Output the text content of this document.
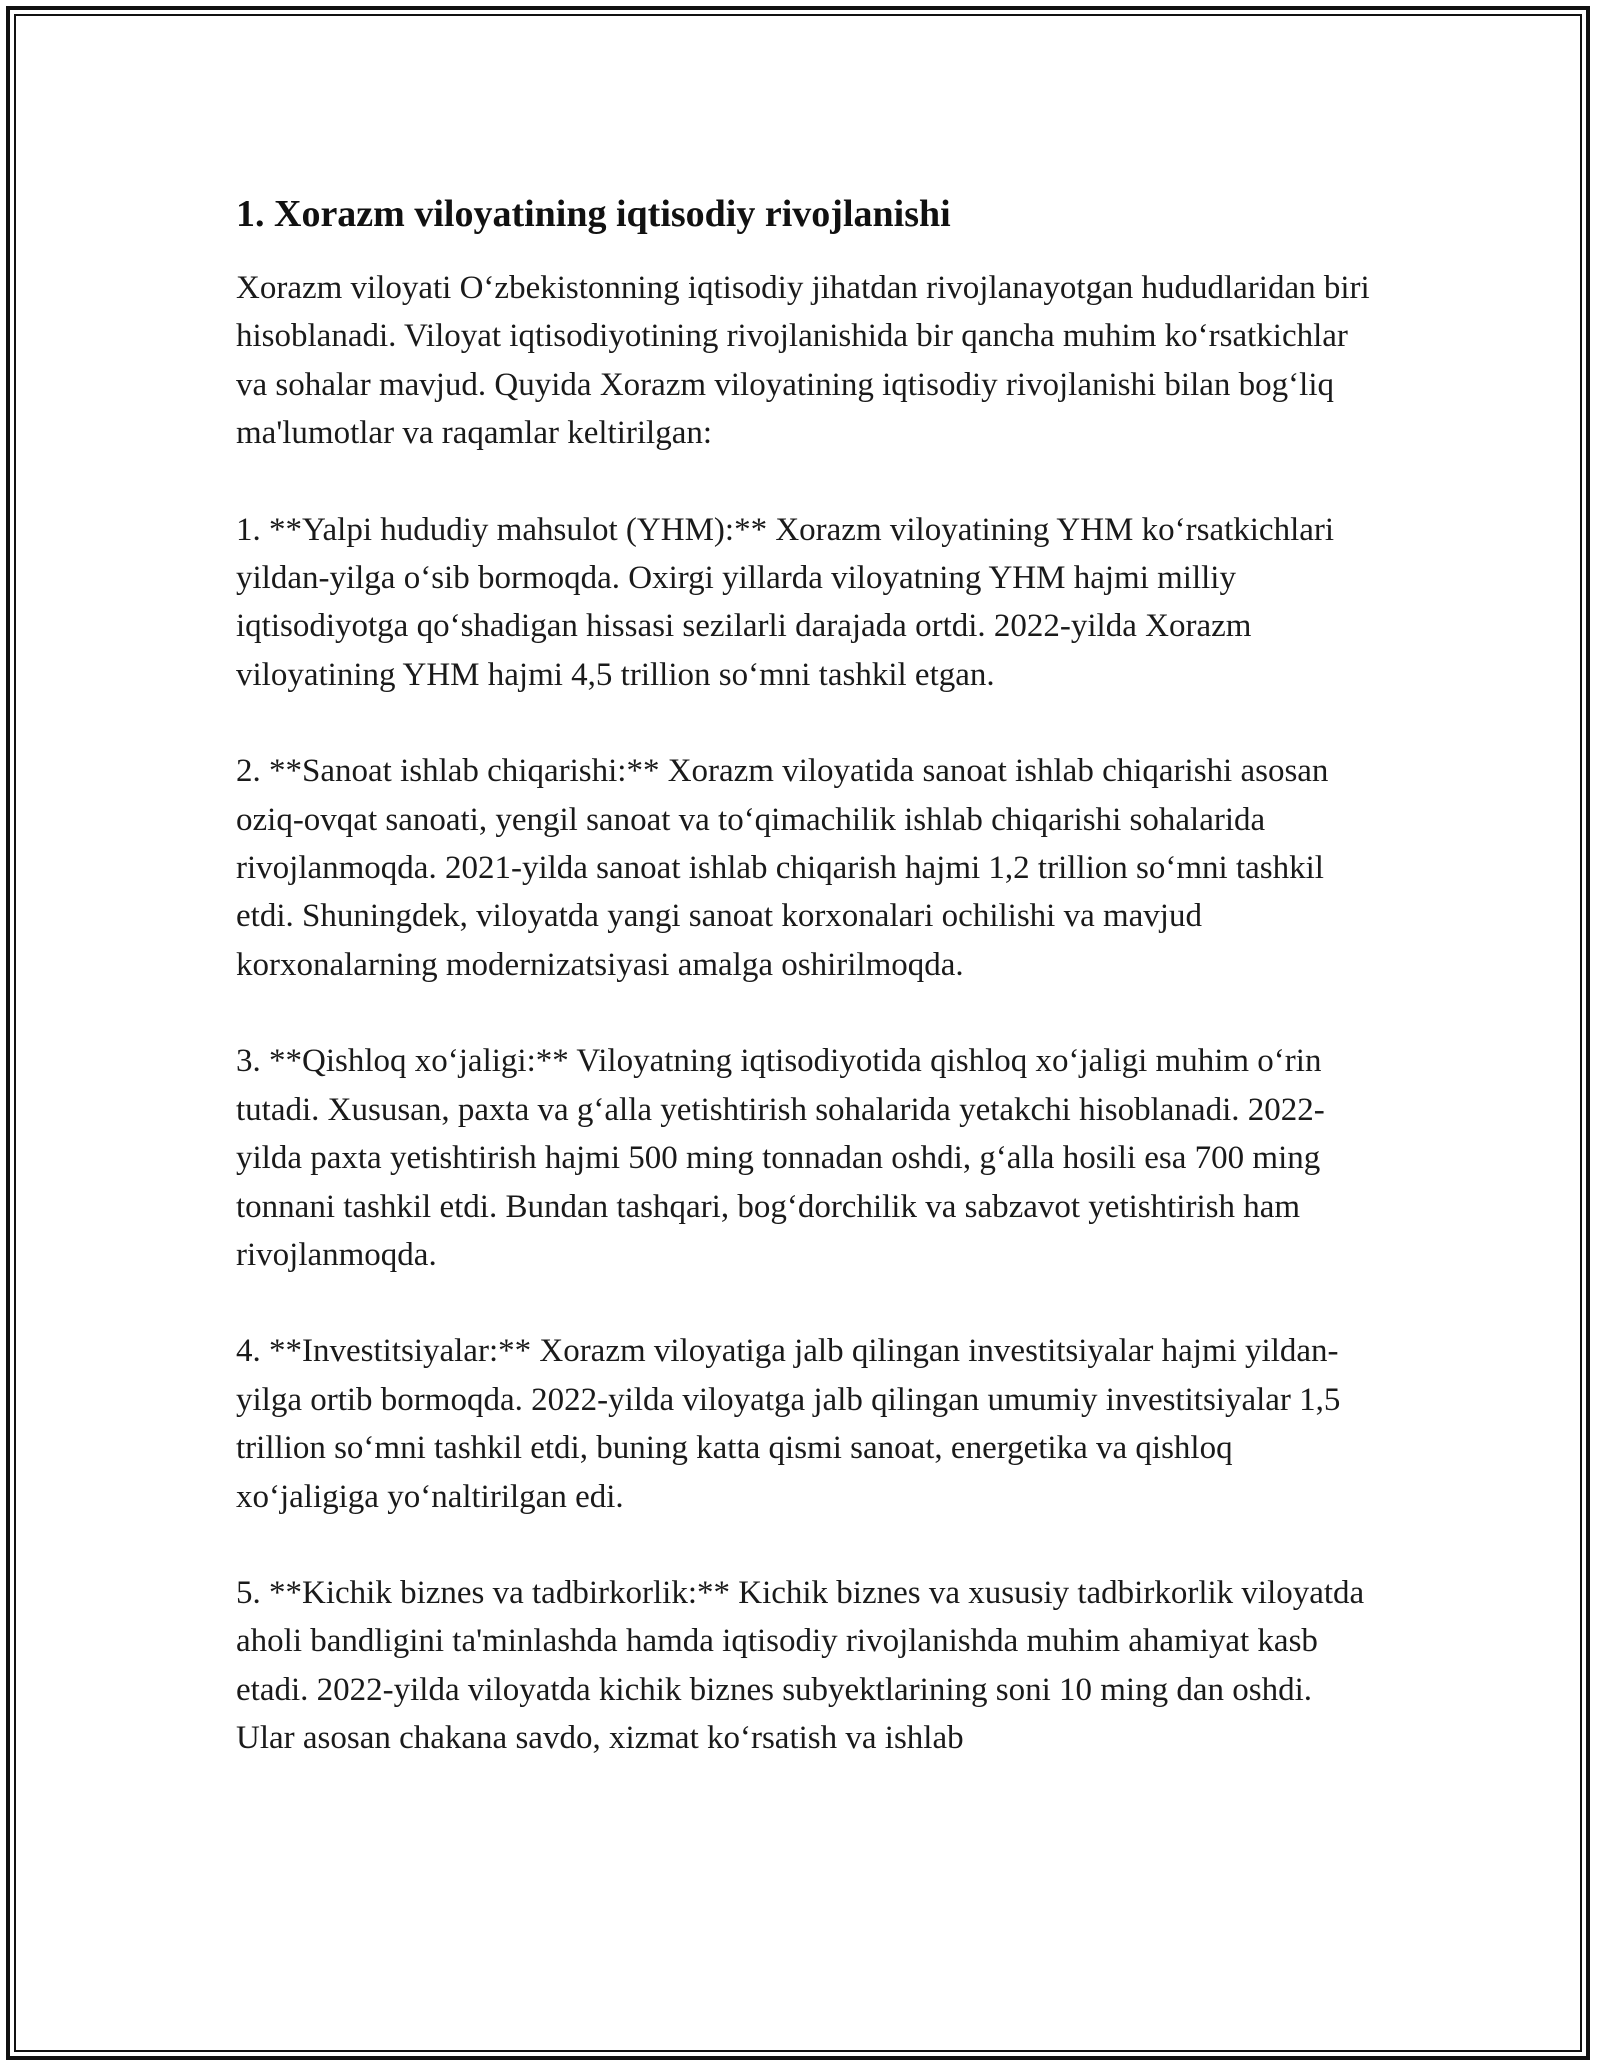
1. Xorazm viloyatining iqtisodiy rivojlanishi

Xorazm viloyati O‘zbekistonning iqtisodiy jihatdan rivojlanayotgan hududlaridan biri hisoblanadi. Viloyat iqtisodiyotining rivojlanishida bir qancha muhim ko‘rsatkichlar va sohalar mavjud. Quyida Xorazm viloyatining iqtisodiy rivojlanishi bilan bog‘liq ma'lumotlar va raqamlar keltirilgan:

1. **Yalpi hududiy mahsulot (YHM):** Xorazm viloyatining YHM ko‘rsatkichlari yildan-yilga o‘sib bormoqda. Oxirgi yillarda viloyatning YHM hajmi milliy iqtisodiyotga qo‘shadigan hissasi sezilarli darajada ortdi. 2022-yilda Xorazm viloyatining YHM hajmi 4,5 trillion so‘mni tashkil etgan.

2. **Sanoat ishlab chiqarishi:** Xorazm viloyatida sanoat ishlab chiqarishi asosan oziq-ovqat sanoati, yengil sanoat va to‘qimachilik ishlab chiqarishi sohalarida rivojlanmoqda. 2021-yilda sanoat ishlab chiqarish hajmi 1,2 trillion so‘mni tashkil etdi. Shuningdek, viloyatda yangi sanoat korxonalari ochilishi va mavjud korxonalarning modernizatsiyasi amalga oshirilmoqda.

3. **Qishloq xo‘jaligi:** Viloyatning iqtisodiyotida qishloq xo‘jaligi muhim o‘rin tutadi. Xususan, paxta va g‘alla yetishtirish sohalarida yetakchi hisoblanadi. 2022-yilda paxta yetishtirish hajmi 500 ming tonnadan oshdi, g‘alla hosili esa 700 ming tonnani tashkil etdi. Bundan tashqari, bog‘dorchilik va sabzavot yetishtirish ham rivojlanmoqda.

4. **Investitsiyalar:** Xorazm viloyatiga jalb qilingan investitsiyalar hajmi yildan-yilga ortib bormoqda. 2022-yilda viloyatga jalb qilingan umumiy investitsiyalar 1,5 trillion so‘mni tashkil etdi, buning katta qismi sanoat, energetika va qishloq xo‘jaligiga yo‘naltirilgan edi.

5. **Kichik biznes va tadbirkorlik:** Kichik biznes va xususiy tadbirkorlik viloyatda aholi bandligini ta'minlashda hamda iqtisodiy rivojlanishda muhim ahamiyat kasb etadi. 2022-yilda viloyatda kichik biznes subyektlarining soni 10 ming dan oshdi. Ular asosan chakana savdo, xizmat ko‘rsatish va ishlab
